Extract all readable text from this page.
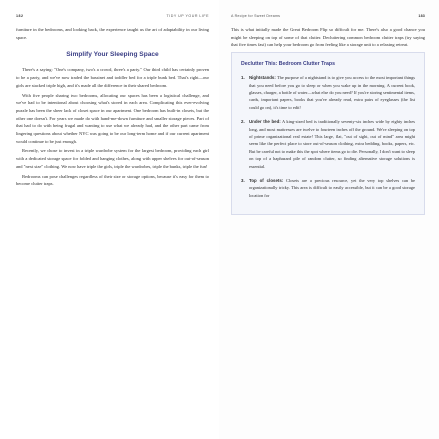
182	TIDY UP YOUR LIFE

furniture in the bedrooms, and looking back, the experience taught us the art of adaptability in our living space.

Simplify Your Sleeping Space

There's a saying: "One's company, two's a crowd, three's a party." Our third child has certainly proven to be a party, and we've now traded the bassinet and toddler bed for a triple bunk bed. That's right—our girls are stacked triple high, and it's made all the difference in their shared bedroom.

With five people sharing two bedrooms, allocating our spaces has been a logistical challenge, and we've had to be intentional about choosing what's stored in each area. Complicating this ever-evolving puzzle has been the sheer lack of closet space in our apartment. One bedroom has built-in closets, but the other one doesn't. For years we made do with hand-me-down furniture and smaller storage pieces. Part of that had to do with being frugal and wanting to use what we already had, and the other part came from lingering questions about whether NYC was going to be our long-term home and if our current apartment would continue to be just enough.

Recently, we chose to invest in a triple wardrobe system for the largest bedroom, providing each girl with a dedicated storage space for folded and hanging clothes, along with upper shelves for out-of-season and "next size" clothing. We now have triple the girls, triple the wardrobes, triple the bunks, triple the fun!

Bedrooms can pose challenges regardless of their size or storage options, because it's easy for them to become clutter traps.

A Recipe for Sweet Dreams	183

This is what initially made the Great Bedroom Flip so difficult for me. There's also a good chance you might be sleeping on top of some of that clutter. Decluttering common bedroom clutter traps (try saying that five times fast) can help your bedroom go from feeling like a storage unit to a relaxing retreat.

Declutter This: Bedroom Clutter Traps
1. Nightstands: The purpose of a nightstand is to give you access to the most important things that you need before you go to sleep or when you wake up in the morning. A current book, glasses, charger, a bottle of water—what else do you need? If you're storing sentimental items, cards, important papers, books that you've already read, extra pairs of eyeglasses (the list could go on), it's time to edit!
2. Under the bed: A king-sized bed is traditionally seventy-six inches wide by eighty inches long, and most mattresses are twelve to fourteen inches off the ground. We're sleeping on top of prime organizational real estate! This large, flat, "out of sight, out of mind" area might seem like the perfect place to store out-of-season clothing, extra bedding, books, papers, etc. But be careful not to make this the spot where items go to die. Personally, I don't want to sleep on top of a haphazard pile of random clutter, so finding alternative storage solutions is essential.
3. Top of closets: Closets are a precious resource, yet the very top shelves can be organizationally tricky. This area is difficult to easily accessible, but it can be a good storage location for
